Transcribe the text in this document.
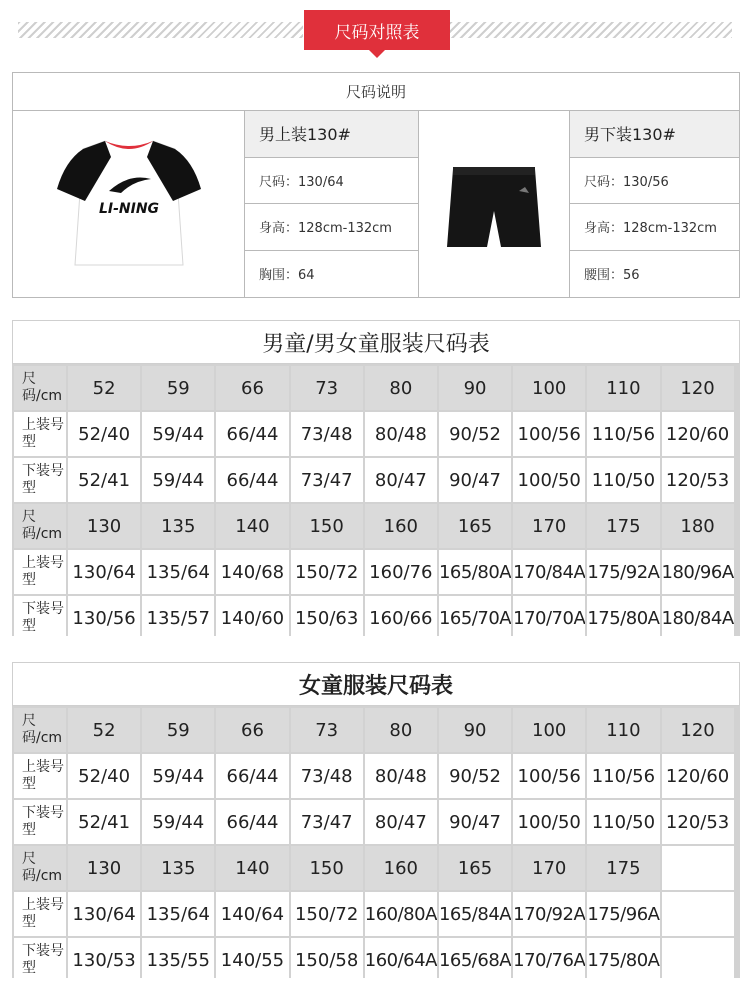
尺码对照表
尺码说明
LI-NING
男上装130#
尺码：130/64
身高：128cm-132cm
胸围：64
男下装130#
尺码：130/56
身高：128cm-132cm
腰围：56
男童/男女童服装尺码表
尺码/cm	52	59	66	73	80	90	100	110	120
上装号型	52/40	59/44	66/44	73/48	80/48	90/52 100/56 110/56 120/60
下装号型	52/41	59/44	66/44	73/47	80/47	90/47 100/50 110/50 120/53
尺码/cm	130	135	140	150	160	165	170	175	180
上装号型	130/64 135/64 140/68 150/72 160/76 165/80A 170/84A 175/92A 180/96A
下装号型	130/56 135/57 140/60 150/63 160/66 165/70A 170/70A 175/80A 180/84A
女童服装尺码表
尺码/cm	52	59	66	73	80	90	100	110	120
上装号型	52/40	59/44	66/44	73/48	80/48	90/52 100/56 110/56 120/60
下装号型	52/41	59/44	66/44	73/47	80/47	90/47 100/50 110/50 120/53
尺码/cm	130	135	140	150	160	165	170	175
上装号型	130/64 135/64 140/64 150/72 160/80A 165/84A 170/92A 175/96A
下装号型	130/53 135/55 140/55 150/58 160/64A 165/68A 170/76A 175/80A
